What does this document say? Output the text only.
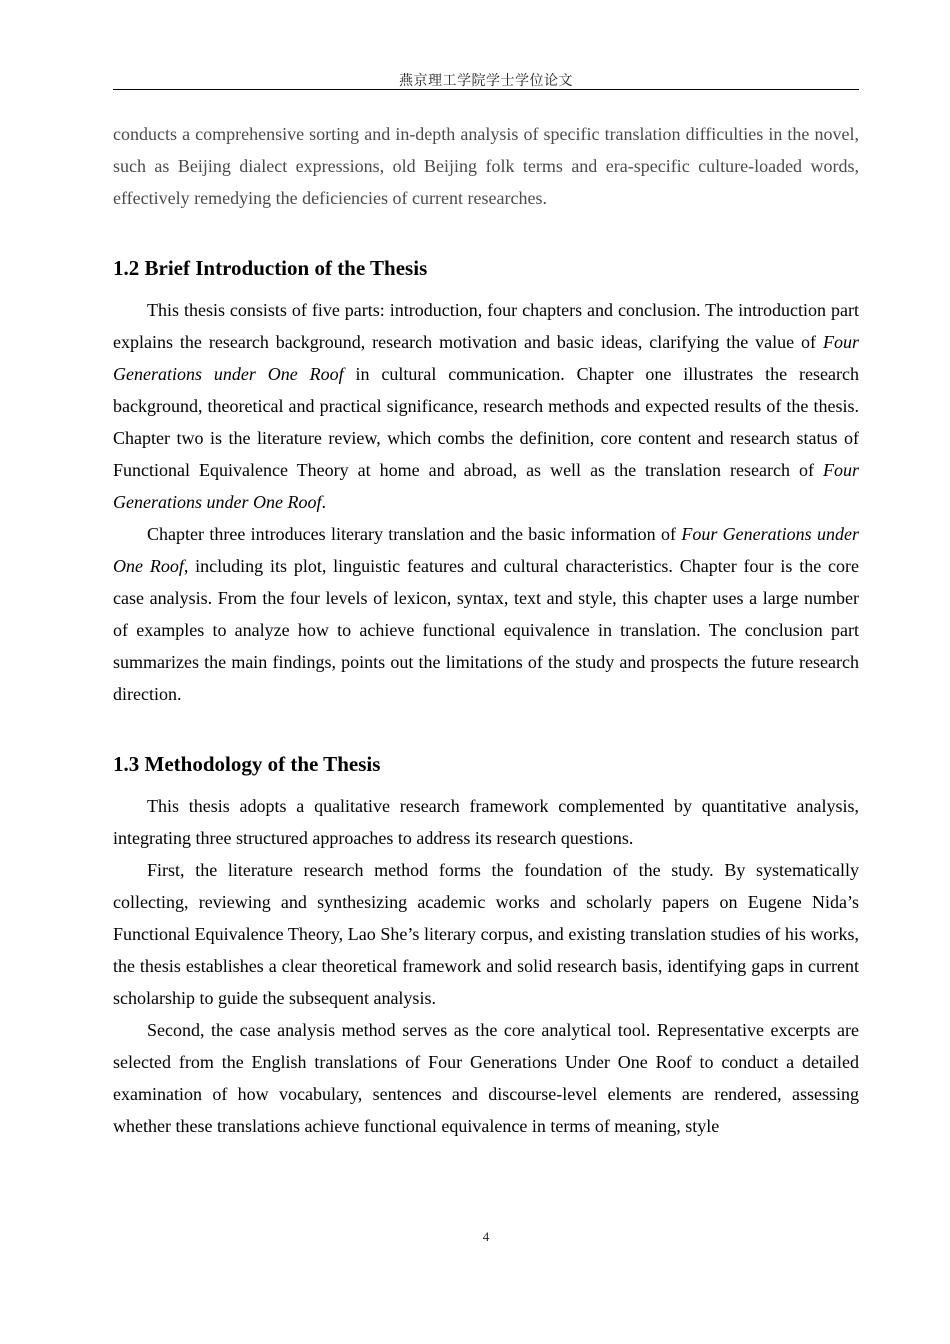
燕京理工学院学士学位论文

conducts a comprehensive sorting and in-depth analysis of specific translation difficulties in the novel, such as Beijing dialect expressions, old Beijing folk terms and era-specific culture-loaded words, effectively remedying the deficiencies of current researches.

1.2 Brief Introduction of the Thesis

This thesis consists of five parts: introduction, four chapters and conclusion. The introduction part explains the research background, research motivation and basic ideas, clarifying the value of Four Generations under One Roof in cultural communication. Chapter one illustrates the research background, theoretical and practical significance, research methods and expected results of the thesis. Chapter two is the literature review, which combs the definition, core content and research status of Functional Equivalence Theory at home and abroad, as well as the translation research of Four Generations under One Roof.

Chapter three introduces literary translation and the basic information of Four Generations under One Roof, including its plot, linguistic features and cultural characteristics. Chapter four is the core case analysis. From the four levels of lexicon, syntax, text and style, this chapter uses a large number of examples to analyze how to achieve functional equivalence in translation. The conclusion part summarizes the main findings, points out the limitations of the study and prospects the future research direction.

1.3 Methodology of the Thesis

This thesis adopts a qualitative research framework complemented by quantitative analysis, integrating three structured approaches to address its research questions.

First, the literature research method forms the foundation of the study. By systematically collecting, reviewing and synthesizing academic works and scholarly papers on Eugene Nida’s Functional Equivalence Theory, Lao She’s literary corpus, and existing translation studies of his works, the thesis establishes a clear theoretical framework and solid research basis, identifying gaps in current scholarship to guide the subsequent analysis.

Second, the case analysis method serves as the core analytical tool. Representative excerpts are selected from the English translations of Four Generations Under One Roof to conduct a detailed examination of how vocabulary, sentences and discourse-level elements are rendered, assessing whether these translations achieve functional equivalence in terms of meaning, style

4
